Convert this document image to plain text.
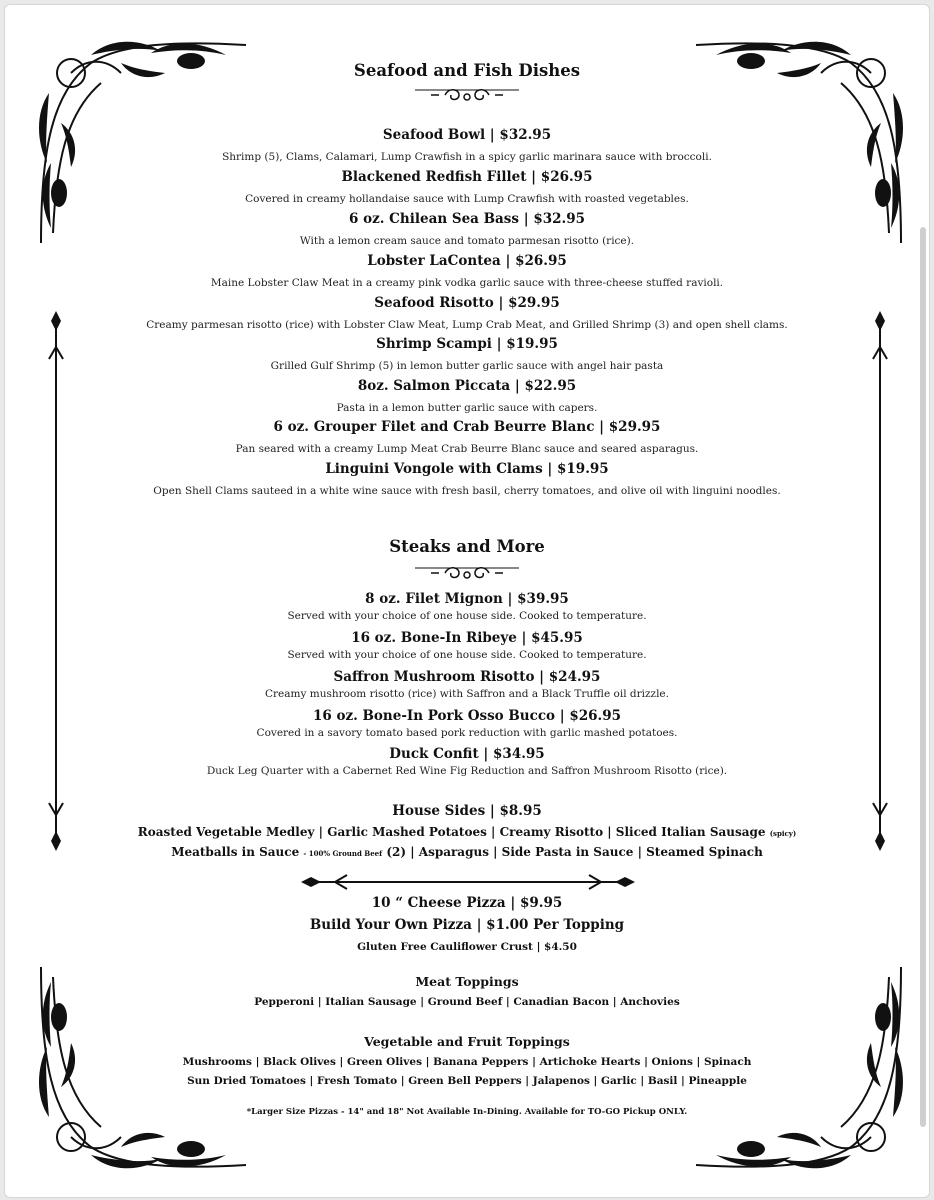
Seafood and Fish Dishes
Seafood Bowl | $32.95
Shrimp (5), Clams, Calamari, Lump Crawfish in a spicy garlic marinara sauce with broccoli.
Blackened Redfish Fillet | $26.95
Covered in creamy hollandaise sauce with Lump Crawfish with roasted vegetables.
6 oz. Chilean Sea Bass | $32.95
With a lemon cream sauce and tomato parmesan risotto (rice).
Lobster LaContea | $26.95
Maine Lobster Claw Meat in a creamy pink vodka garlic sauce with three-cheese stuffed ravioli.
Seafood Risotto | $29.95
Creamy parmesan risotto (rice) with Lobster Claw Meat, Lump Crab Meat, and Grilled Shrimp (3) and open shell clams.
Shrimp Scampi | $19.95
Grilled Gulf Shrimp (5) in lemon butter garlic sauce with angel hair pasta
8oz. Salmon Piccata | $22.95
Pasta in a lemon butter garlic sauce with capers.
6 oz. Grouper Filet and Crab Beurre Blanc | $29.95
Pan seared with a creamy Lump Meat Crab Beurre Blanc sauce and seared asparagus.
Linguini Vongole with Clams | $19.95
Open Shell Clams sauteed in a white wine sauce with fresh basil, cherry tomatoes, and olive oil with linguini noodles.
Steaks and More
8 oz. Filet Mignon | $39.95
Served with your choice of one house side. Cooked to temperature.
16 oz. Bone-In Ribeye | $45.95
Served with your choice of one house side. Cooked to temperature.
Saffron Mushroom Risotto | $24.95
Creamy mushroom risotto (rice) with Saffron and a Black Truffle oil drizzle.
16 oz. Bone-In Pork Osso Bucco | $26.95
Covered in a savory tomato based pork reduction with garlic mashed potatoes.
Duck Confit | $34.95
Duck Leg Quarter with a Cabernet Red Wine Fig Reduction and Saffron Mushroom Risotto (rice).
House Sides | $8.95
Roasted Vegetable Medley | Garlic Mashed Potatoes | Creamy Risotto | Sliced Italian Sausage (spicy)
Meatballs in Sauce - 100% Ground Beef (2) | Asparagus | Side Pasta in Sauce | Steamed Spinach
10 “ Cheese Pizza | $9.95
Build Your Own Pizza | $1.00 Per Topping
Gluten Free Cauliflower Crust | $4.50
Meat Toppings
Pepperoni | Italian Sausage | Ground Beef | Canadian Bacon | Anchovies
Vegetable and Fruit Toppings
Mushrooms | Black Olives | Green Olives | Banana Peppers | Artichoke Hearts | Onions | Spinach
Sun Dried Tomatoes | Fresh Tomato | Green Bell Peppers | Jalapenos | Garlic | Basil | Pineapple
*Larger Size Pizzas - 14" and 18" Not Available In-Dining. Available for TO-GO Pickup ONLY.
